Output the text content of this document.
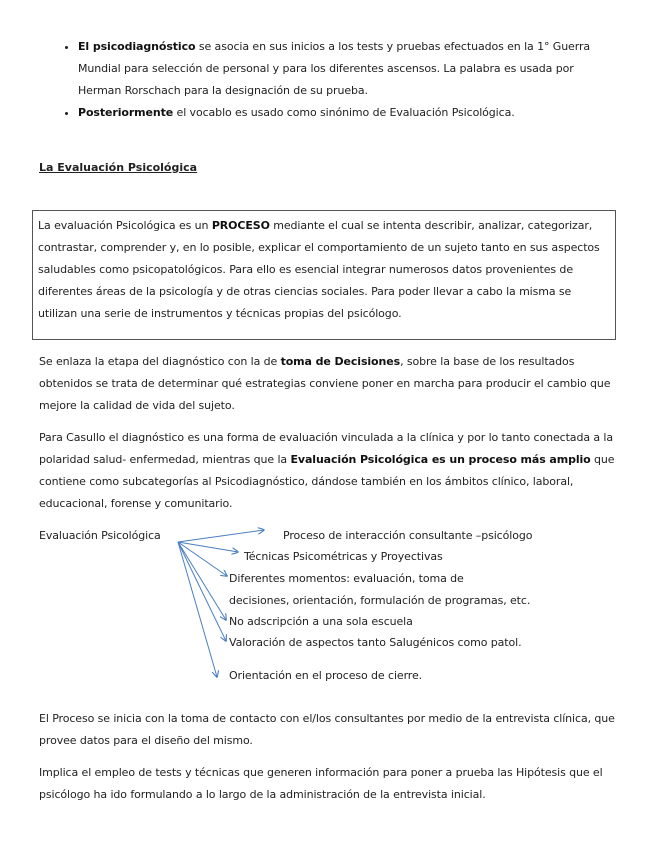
• El psicodiagnóstico se asocia en sus inicios a los tests y pruebas efectuados en la 1° Guerra Mundial para selección de personal y para los diferentes ascensos. La palabra es usada por Herman Rorschach para la designación de su prueba.
• Posteriormente el vocablo es usado como sinónimo de Evaluación Psicológica.
La Evaluación Psicológica
La evaluación Psicológica es un PROCESO mediante el cual se intenta describir, analizar, categorizar, contrastar, comprender y, en lo posible, explicar el comportamiento de un sujeto tanto en sus aspectos saludables como psicopatológicos. Para ello es esencial integrar numerosos datos provenientes de diferentes áreas de la psicología y de otras ciencias sociales. Para poder llevar a cabo la misma se utilizan una serie de instrumentos y técnicas propias del psicólogo.

Se enlaza la etapa del diagnóstico con la de toma de Decisiones, sobre la base de los resultados obtenidos se trata de determinar qué estrategias conviene poner en marcha para producir el cambio que mejore la calidad de vida del sujeto.

Para Casullo el diagnóstico es una forma de evaluación vinculada a la clínica y por lo tanto conectada a la polaridad salud- enfermedad, mientras que la Evaluación Psicológica es un proceso más amplio que contiene como subcategorías al Psicodiagnóstico, dándose también en los ámbitos clínico, laboral, educacional, forense y comunitario.

Evaluación Psicológica	Proceso de interacción consultante –psicólogo
Técnicas Psicométricas y Proyectivas
Diferentes momentos: evaluación, toma de
decisiones, orientación, formulación de programas, etc.
No adscripción a una sola escuela
Valoración de aspectos tanto Salugénicos como patol.
Orientación en el proceso de cierre.

El Proceso se inicia con la toma de contacto con el/los consultantes por medio de la entrevista clínica, que provee datos para el diseño del mismo.

Implica el empleo de tests y técnicas que generen información para poner a prueba las Hipótesis que el psicólogo ha ido formulando a lo largo de la administración de la entrevista inicial.
